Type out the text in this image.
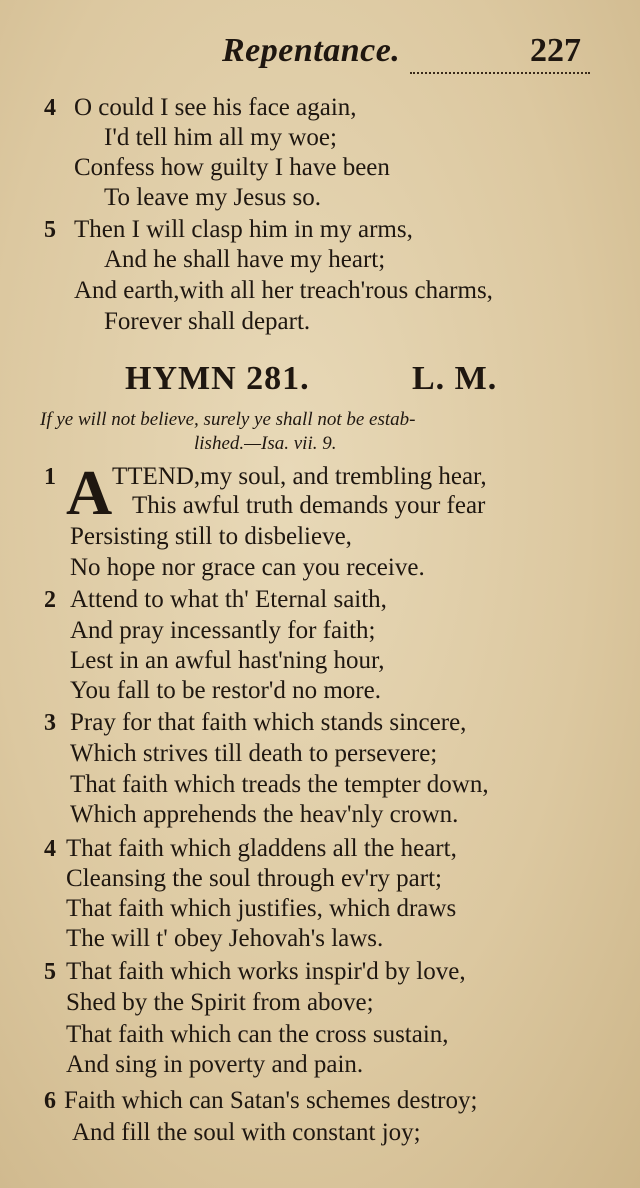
Repentance.	227
4 O could I see his face again,
I'd tell him all my woe;
Confess how guilty I have been
To leave my Jesus so.
5 Then I will clasp him in my arms,
And he shall have my heart;
And earth,with all her treach'rous charms,
Forever shall depart.
HYMN 281.	L. M.
If ye will not believe, surely ye shall not be estab-
lished.—Isa. vii. 9.
1 A TTEND,my soul, and trembling hear,
This awful truth demands your fear
Persisting still to disbelieve,
No hope nor grace can you receive.
2 Attend to what th' Eternal saith,
And pray incessantly for faith;
Lest in an awful hast'ning hour,
You fall to be restor'd no more.
3 Pray for that faith which stands sincere,
Which strives till death to persevere;
That faith which treads the tempter down,
Which apprehends the heav'nly crown.
4 That faith which gladdens all the heart,
Cleansing the soul through ev'ry part;
That faith which justifies, which draws
The will t' obey Jehovah's laws.
5 That faith which works inspir'd by love,
Shed by the Spirit from above;
That faith which can the cross sustain,
And sing in poverty and pain.
6 Faith which can Satan's schemes destroy;
And fill the soul with constant joy;
